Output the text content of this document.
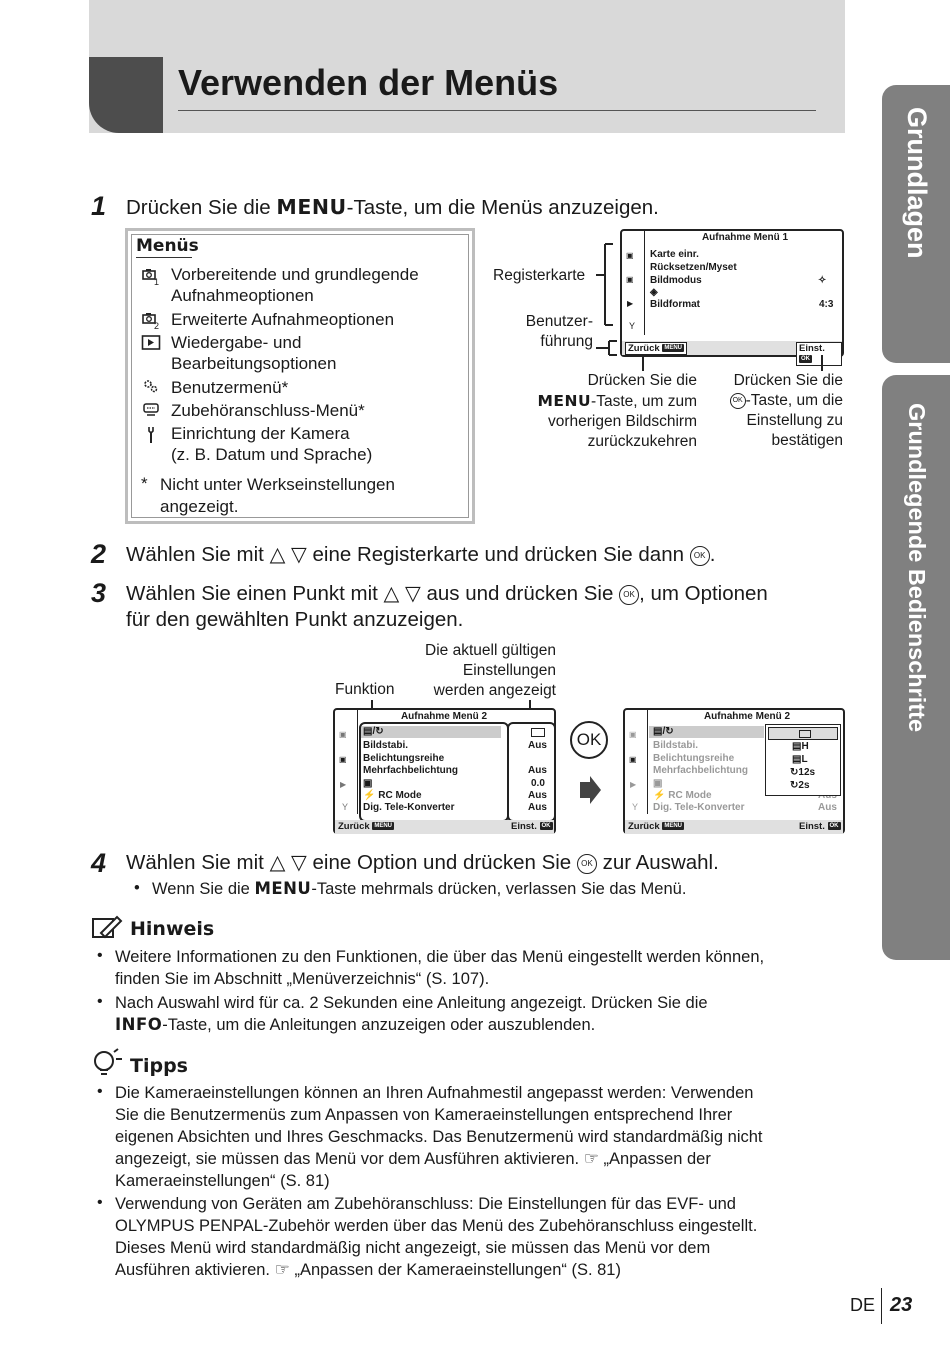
Verwenden der Menüs
Grundlagen
Grundlegende Bedienschritte
1 Drücken Sie die MENU-Taste, um die Menüs anzuzeigen.
Menüs
1 Vorbereitende und grundlegende
Aufnahmeoptionen
2 Erweiterte Aufnahmeoptionen
Wiedergabe- und
Bearbeitungsoptionen
Benutzermenü*
Zubehöranschluss-Menü*
Einrichtung der Kamera
(z. B. Datum und Sprache)
* Nicht unter Werkseinstellungen
angezeigt.
Registerkarte
Benutzer-
führung
▣
▣
▶
Y
Aufnahme Menü 1
Karte einr.
Rücksetzen/Myset
Bildmodus	✧
◈
Bildformat	4:3
Zurück MENU	Einst. OK
Drücken Sie die
MENU-Taste, um zum
vorherigen Bildschirm
zurückzukehren
Drücken Sie die
OK -Taste, um die
Einstellung zu
bestätigen
2 Wählen Sie mit △ ▽ eine Registerkarte und drücken Sie dann OK .
3 Wählen Sie einen Punkt mit △ ▽ aus und drücken Sie OK , um Optionen
für den gewählten Punkt anzuzeigen.
Die aktuell gültigen
Einstellungen
werden angezeigt
Funktion
▣
▣
▶
Y
Aufnahme Menü 2
▤/↻
Bildstabi.	Aus
Belichtungsreihe
Mehrfachbelichtung	Aus
▣	0.0
⚡ RC Mode	Aus
Dig. Tele-Konverter	Aus
Zurück MENU	Einst. OK
OK	▣
▣
▶
Y
Aufnahme Menü 2
▤/↻
Bildstabi.
Belichtungsreihe
Mehrfachbelichtung
▣
⚡ RC Mode
Dig. Tele-Konverter	Aus
▤H
▤L
↻12s
↻2s
Zurück MENU	Einst. OK
4 Wählen Sie mit △ ▽ eine Option und drücken Sie OK zur Auswahl.
• Wenn Sie die MENU-Taste mehrmals drücken, verlassen Sie das Menü.
Hinweis
• Weitere Informationen zu den Funktionen, die über das Menü eingestellt werden können,
finden Sie im Abschnitt „Menüverzeichnis“ (S. 107).
• Nach Auswahl wird für ca. 2 Sekunden eine Anleitung angezeigt. Drücken Sie die
INFO-Taste, um die Anleitungen anzuzeigen oder auszublenden.
Tipps
• Die Kameraeinstellungen können an Ihren Aufnahmestil angepasst werden: Verwenden
Sie die Benutzermenüs zum Anpassen von Kameraeinstellungen entsprechend Ihrer
eigenen Absichten und Ihres Geschmacks. Das Benutzermenü wird standardmäßig nicht
angezeigt, sie müssen das Menü vor dem Ausführen aktivieren. ☞ „Anpassen der
Kameraeinstellungen“ (S. 81)
• Verwendung von Geräten am Zubehöranschluss: Die Einstellungen für das EVF- und
OLYMPUS PENPAL-Zubehör werden über das Menü des Zubehöranschluss eingestellt.
Dieses Menü wird standardmäßig nicht angezeigt, sie müssen das Menü vor dem
Ausführen aktivieren. ☞ „Anpassen der Kameraeinstellungen“ (S. 81)
DE 23
